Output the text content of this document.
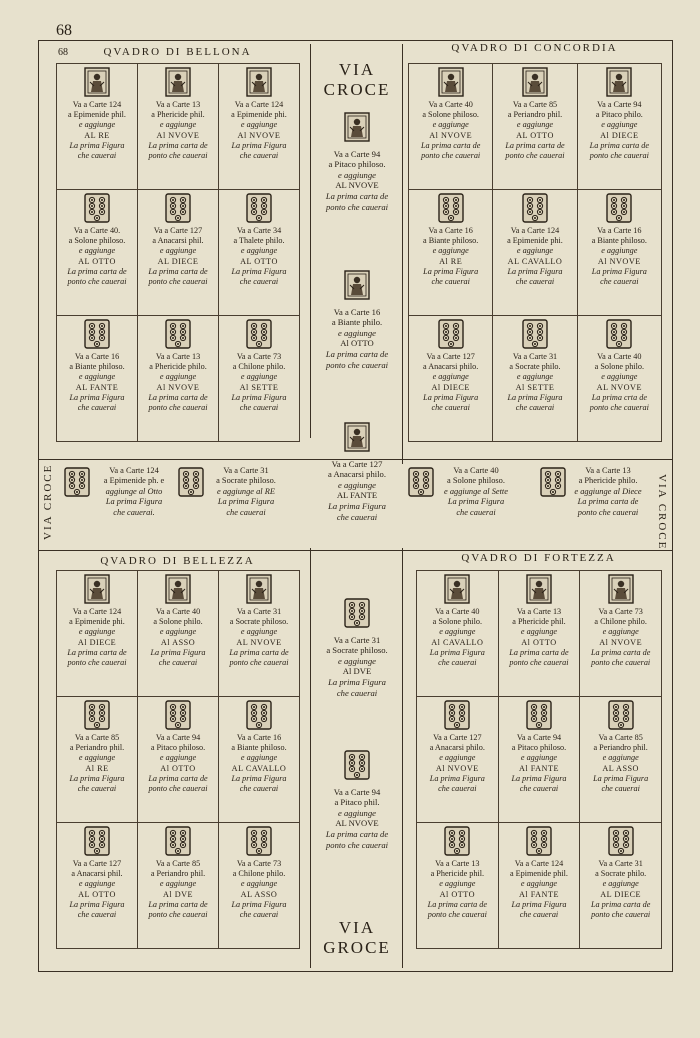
68
68
VIA CROCE	VIA CROCE
VIA
CROCE
VIA
GROCE
QVADRO DI BELLONA
Va a Carte 124
a Epimenide phil.
e aggiunge
AL RE
La prima Figura
che cauerai
Va a Carte 13
a Phericide phil.
e aggiunge
Al NVOVE
La prima carta de
ponto che cauerai
Va a Carte 124
a Epimenide phi.
e aggiunge
Al NVOVE
La prima Figura
che cauerai
Va a Carte 40.
a Solone philoso.
e aggiunge
AL OTTO
La prima carta de
ponto che cauerai
Va a Carte 127
a Anacarsi phil.
e aggiunge
AL DIECE
La prima carta de
ponto che cauerai
Va a Carte 34
a Thalete philo.
e aggiunge
AL OTTO
La prima Figura
che cauerai
Va a Carte 16
a Biante philoso.
e aggiunge
AL FANTE
La prima Figura
che cauerai
Va a Carte 13
a Phericide philo.
e aggiunge
Al NVOVE
La prima carta de
ponto che cauerai
Va a Carte 73
a Chilone philo.
e aggiunge
Al SETTE
La prima Figura
che cauerai
QVADRO DI CONCORDIA
Va a Carte 40
a Solone philoso.
e aggiunge
Al NVOVE
La prima carta de
ponto che cauerai
Va a Carte 85
a Periandro phil.
e aggiunge
AL OTTO
La prima carta de
ponto che cauerai
Va a Carte 94
a Pitaco philo.
e aggiunge
Al DIECE
La prima carta de
ponto che cauerai
Va a Carte 16
a Biante philoso.
e aggiunge
Al RE
La prima Figura
che cauerai
Va a Carte 124
a Epimenide phi.
e aggiunge
AL CAVALLO
La prima Figura
che cauerai
Va a Carte 16
a Biante philoso.
e aggiunge
Al NVOVE
La prima Figura
che cauerai
Va a Carte 127
a Anacarsi philo.
e aggiunge
Al DIECE
La prima Figura
che cauerai
Va a Carte 31
a Socrate philo.
e aggiunge
Al SETTE
La prima Figura
che cauerai
Va a Carte 40
a Solone philo.
e aggiunge
AL NVOVE
La prima crta de
ponto che cauerai
QVADRO DI BELLEZZA
Va a Carte 124
a Epimenide phi.
e aggiunge
Al DIECE
La prima carta de
ponto che cauerai
Va a Carte 40
a Solone philo.
e aggiunge
Al ASSO
La prima Figura
che cauerai
Va a Carte 31
a Socrate philoso.
e aggiunge
AL NVOVE
La prima carta de
ponto che cauerai
Va a Carte 85
a Periandro phil.
e aggiunge
Al RE
La prima Figura
che cauerai
Va a Carte 94
a Pitaco philoso.
e aggiunge
Al OTTO
La prima carta de
ponto che cauerai
Va a Carte 16
a Biante philoso.
e aggiunge
AL CAVALLO
La prima Figura
che cauerai
Va a Carte 127
a Anacarsi phil.
e aggiunge
AL OTTO
La prima Figura
che cauerai
Va a Carte 85
a Periandro phil.
e aggiunge
Al DVE
La prima carta de
ponto che cauerai
Va a Carte 73
a Chilone philo.
e aggiunge
AL ASSO
La prima Figura
che cauerai
QVADRO DI FORTEZZA
Va a Carte 40
a Solone philo.
e aggiunge
Al CAVALLO
La prima Figura
che cauerai
Va a Carte 13
a Phericide phil.
e aggiunge
Al OTTO
La prima carta de
ponto che cauerai
Va a Carte 73
a Chilone philo.
e aggiunge
Al NVOVE
La prima carta de
ponto che cauerai
Va a Carte 127
a Anacarsi philo.
e aggiunge
Al NVOVE
La prima Figura
che cauerai
Va a Carte 94
a Pitaco philoso.
e aggiunge
Al FANTE
La prima Figura
che cauerai
Va a Carte 85
a Periandro phil.
e aggiunge
AL ASSO
La prima Figura
che cauerai
Va a Carte 13
a Phericide phil.
e aggiunge
Al OTTO
La prima carta de
ponto che cauerai
Va a Carte 124
a Epimenide phil.
e aggiunge
Al FANTE
La prima Figura
che cauerai
Va a Carte 31
a Socrate philo.
e aggiunge
AL DIECE
La prima carta de
ponto che cauerai
Va a Carte 94
a Pitaco philoso.
e aggiunge
AL NVOVE
La prima carta de
ponto che cauerai
Va a Carte 16
a Biante philo.
e aggiunge
Al OTTO
La prima carta de
ponto che cauerai
Va a Carte 127
a Anacarsi philo.
e aggiunge
AL FANTE
La prima Figura
che cauerai
Va a Carte 31
a Socrate philoso.
e aggiunge
Al DVE
La prima Figura
che cauerai
Va a Carte 94
a Pitaco phil.
e aggiunge
AL NVOVE
La prima carta de
ponto che cauerai
Va a Carte 124
a Epimenide ph. e
aggiunge al Otto
La prima Figura
che cauerai.
Va a Carte 31
a Socrate philoso.
e aggiunge al RE
La prima Figura
che cauerai
Va a Carte 40
a Solone philoso.
e aggiunge al Sette
La prima Figura
che cauerai
Va a Carte 13
a Phericide philo.
e aggiunge al Diece
La prima carta de
ponto che cauerai
